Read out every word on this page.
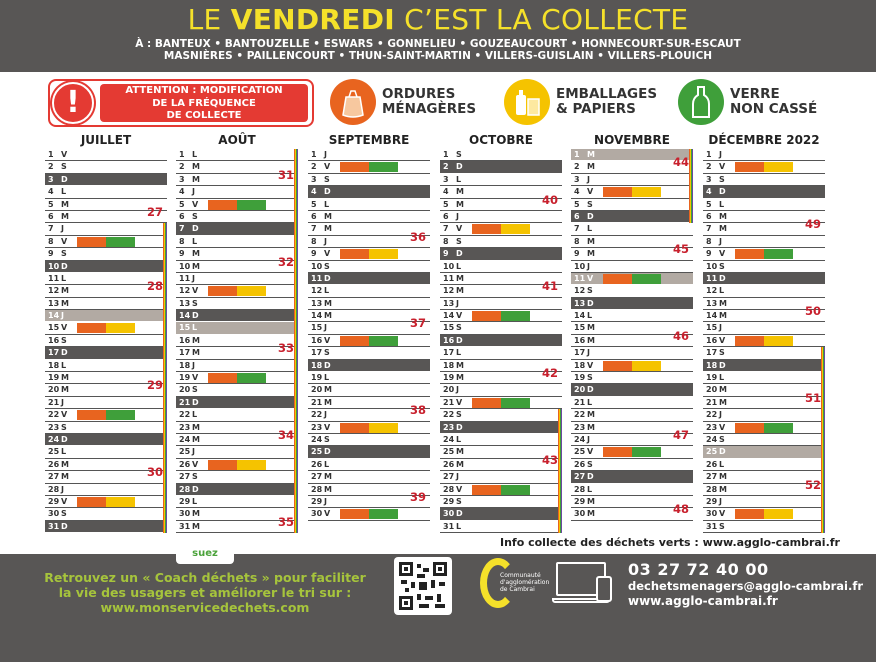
LE VENDREDI C’EST LA COLLECTE
À : BANTEUX • BANTOUZELLE • ESWARS • GONNELIEU • GOUZEAUCOURT • HONNECOURT-SUR-ESCAUT
MASNIÈRES • PAILLENCOURT • THUN-SAINT-MARTIN • VILLERS-GUISLAIN • VILLERS-PLOUICH
!	ATTENTION : MODIFICATION
DE LA FRÉQUENCE
DE COLLECTE
ORDURES
MÉNAGÈRES
EMBALLAGES
& PAPIERS
VERRE
NON CASSÉ
JUILLET
1 V
2 S
3 D
4 L
5 M
6 M	27
7 J
8 V
9 S
10 D
11 L
12 M	28
13 M
14 J
15 V
16 S
17 D
18 L
19 M
20 M	29
21 J
22 V
23 S
24 D
25 L
26 M
27 M	30
28 J
29 V
30 S
31 D
AOÛT
1 L
2 M
3 M	31
4 J
5 V
6 S
7 D
8 L
9 M
10 M	32
11 J
12 V
13 S
14 D
15 L
16 M
17 M	33
18 J
19 V
20 S
21 D
22 L
23 M
24 M	34
25 J
26 V
27 S
28 D
29 L
30 M
31 M	35
SEPTEMBRE
1 J
2 V
3 S
4 D
5 L
6 M
7 M
8 J	36
9 V
10 S
11 D
12 L
13 M
14 M
15 J	37
16 V
17 S
18 D
19 L
20 M
21 M
22 J	38
23 V
24 S
25 D
26 L
27 M
28 M
29 J	39
30 V
OCTOBRE
1 S
2 D
3 L
4 M
5 M	40
6 J
7 V
8 S
9 D
10 L
11 M
12 M	41
13 J
14 V
15 S
16 D
17 L
18 M
19 M	42
20 J
21 V
22 S
23 D
24 L
25 M
26 M	43
27 J
28 V
29 S
30 D
31 L
NOVEMBRE
1 M
2 M	44
3 J
4 V
5 S
6 D
7 L
8 M
9 M	45
10 J
11 V
12 S
13 D
14 L
15 M
16 M	46
17 J
18 V
19 S
20 D
21 L
22 M
23 M
24 J	47
25 V
26 S
27 D
28 L
29 M
30 M	48
DÉCEMBRE 2022
1 J
2 V
3 S
4 D
5 L
6 M
7 M	49
8 J
9 V
10 S
11 D
12 L
13 M
14 M	50
15 J
16 V
17 S
18 D
19 L
20 M
21 M	51
22 J
23 V
24 S
25 D
26 L
27 M
28 M	52
29 J
30 V
31 S
Info collecte des déchets verts : www.agglo-cambrai.fr
suez
Retrouvez un « Coach déchets » pour faciliter
la vie des usagers et améliorer le tri sur :
www.monservicedechets.com
Communauté
d'agglomération
de Cambrai
03 27 72 40 00
dechetsmenagers@agglo-cambrai.fr
www.agglo-cambrai.fr
